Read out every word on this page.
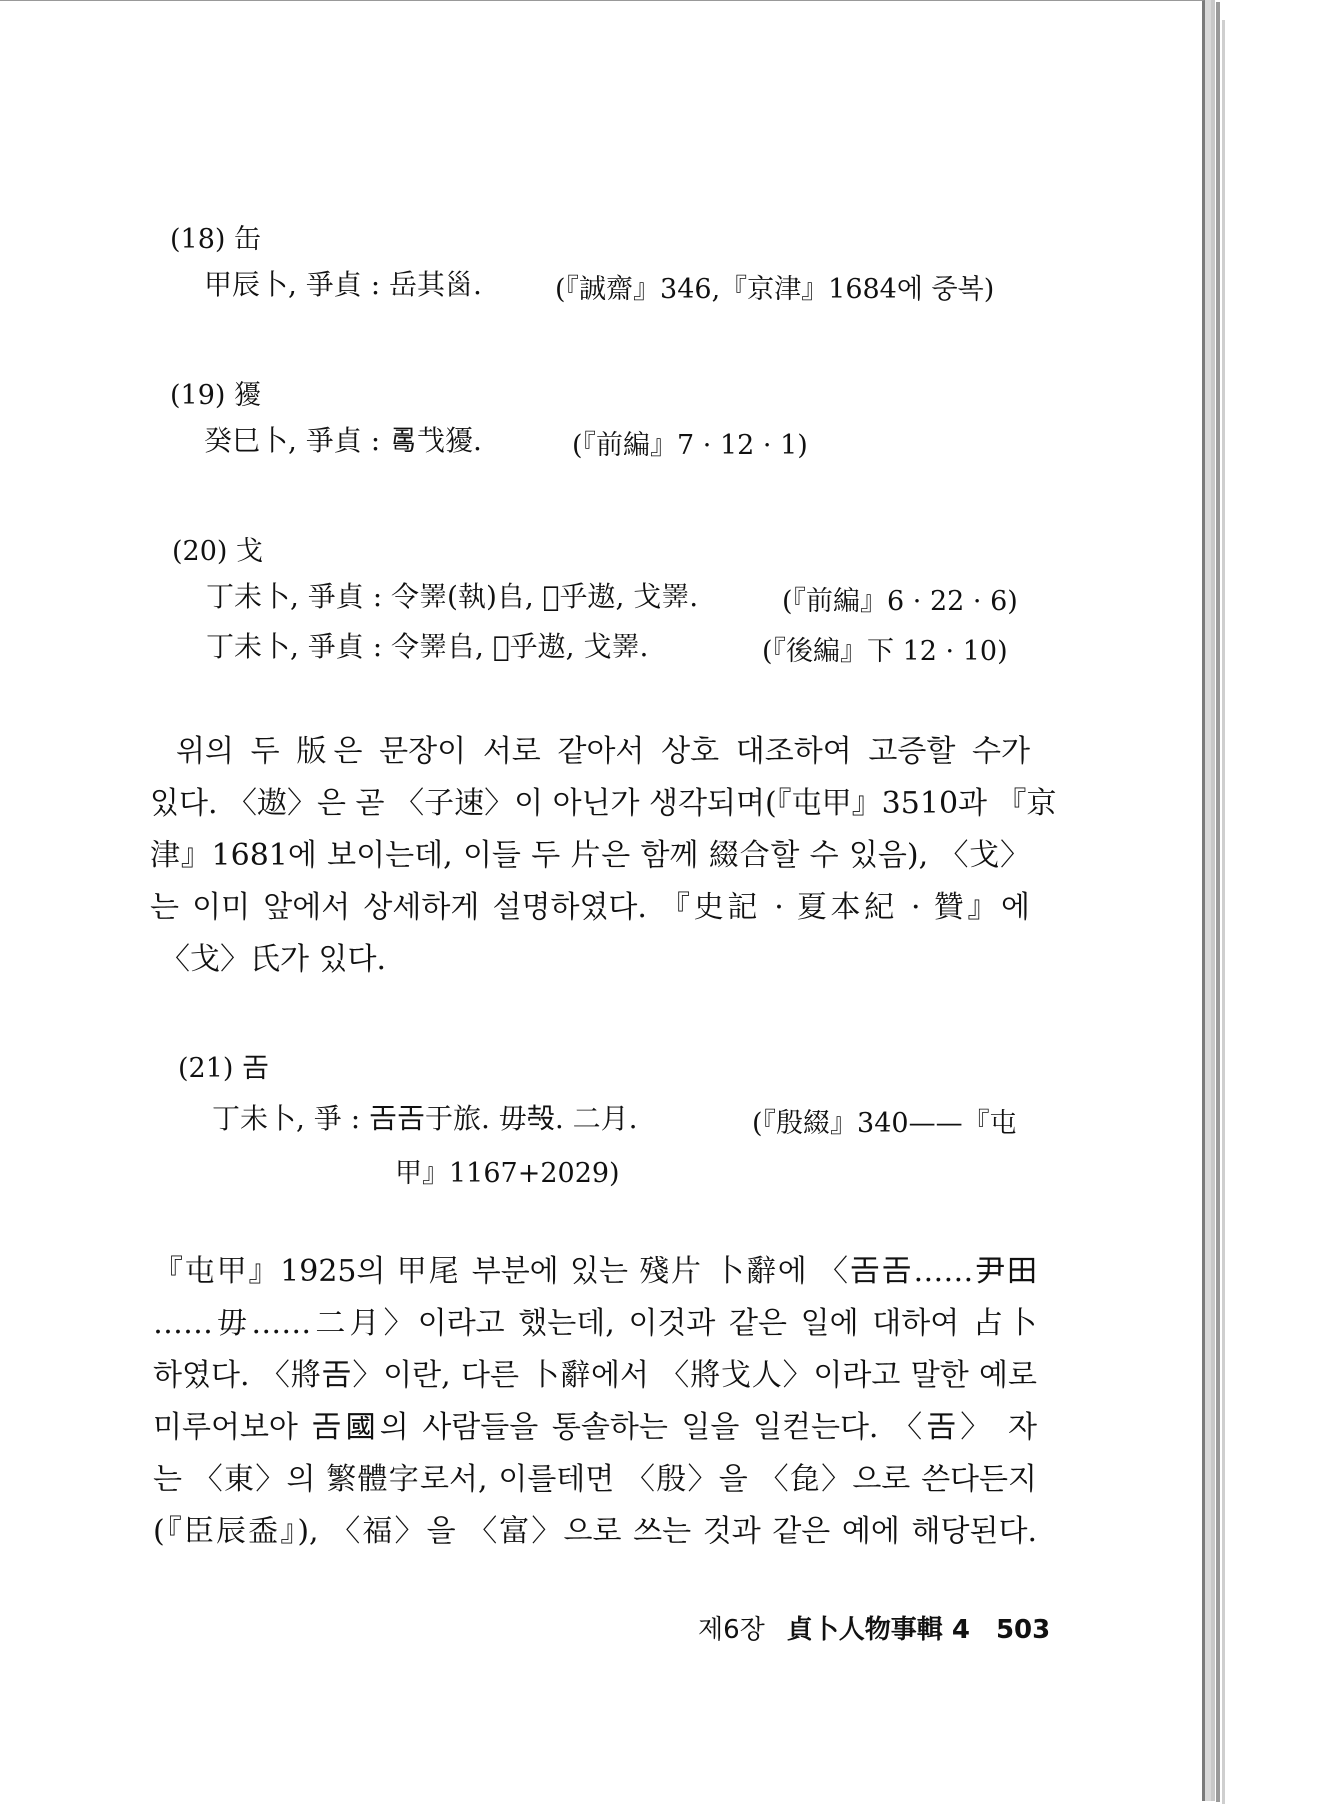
(18) 缶
甲辰卜, 爭貞 : 岳其𡿺.	(『誠齋』346,『京津』1684에 중복)
(19) 獶
癸巳卜, 爭貞 : 𠷎𢦏獶.	(『前編』7 · 12 · 1)
(20) 戈
丁未卜, 爭貞 : 令𢍰(執)𠂤, 𡧊乎遨, 戈𢍰.	(『前編』6 · 22 · 6)
丁未卜, 爭貞 : 令𢍰𠂤, 𡧊乎遨, 戈𢍰.	(『後編』下 12 · 10)

위의 두 版은 문장이 서로 같아서 상호 대조하여 고증할 수가

있다. 〈遨〉은 곧 〈子速〉이 아닌가 생각되며(『屯甲』3510과 『京

津』1681에 보이는데, 이들 두 片은 함께 綴合할 수 있음), 〈戈〉

는 이미 앞에서 상세하게 설명하였다. 『史記 · 夏本紀 · 贊』에

〈戈〉氏가 있다.

(21) 𢀛
丁未卜, 爭 : 𢀛𢀛于旅. 毋𣪊. 二月.	(『殷綴』340——『屯
甲』1167+2029)

『屯甲』1925의 甲尾 부분에 있는 殘片 卜辭에 〈𢀛𢀛……尹田

……毋……二月〉이라고 했는데, 이것과 같은 일에 대하여 占卜

하였다. 〈將𢀛〉이란, 다른 卜辭에서 〈將戈人〉이라고 말한 예로

미루어보아 𢀛國의 사람들을 통솔하는 일을 일컫는다. 〈𢀛〉 자

는 〈東〉의 繁體字로서, 이를테면 〈殷〉을 〈㲋〉으로 쓴다든지

(『臣辰盉』), 〈福〉을 〈富〉으로 쓰는 것과 같은 예에 해당된다.

제6장 貞卜人物事輯 4 503
